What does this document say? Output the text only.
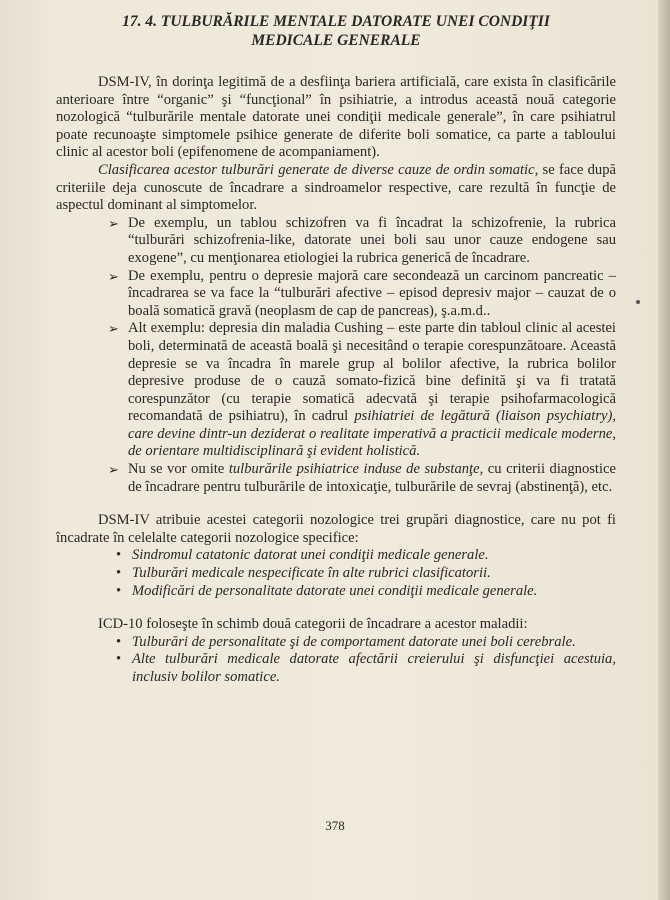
17. 4. TULBURĂRILE MENTALE DATORATE UNEI CONDIŢII
MEDICALE GENERALE

DSM-IV, în dorinţa legitimă de a desfiinţa bariera artificială, care exista în clasificările anterioare între “organic” şi “funcţional” în psihiatrie, a introdus această nouă categorie nozologică “tulburările mentale datorate unei condiţii medicale generale”, în care psihiatrul poate recunoaşte simptomele psihice generate de diferite boli somatice, ca parte a tabloului clinic al acestor boli (epifenomene de acompaniament).

Clasificarea acestor tulburări generate de diverse cauze de ordin somatic, se face după criteriile deja cunoscute de încadrare a sindroamelor respective, care rezultă în funcţie de aspectul dominant al simptomelor.

➢ De exemplu, un tablou schizofren va fi încadrat la schizofrenie, la rubrica “tulburări schizofrenia-like, datorate unei boli sau unor cauze endogene sau exogene”, cu menţionarea etiologiei la rubrica generică de încadrare.
➢ De exemplu, pentru o depresie majoră care secondează un carcinom pancreatic – încadrarea se va face la “tulburări afective – episod depresiv major – cauzat de o boală somatică gravă (neoplasm de cap de pancreas), ş.a.m.d..
➢ Alt exemplu: depresia din maladia Cushing – este parte din tabloul clinic al acestei boli, determinată de această boală şi necesitând o terapie corespunzătoare. Această depresie se va încadra în marele grup al bolilor afective, la rubrica bolilor depresive produse de o cauză somato-fizică bine definită şi va fi tratată corespunzător (cu terapie somatică adecvată şi terapie psihofarmacologică recomandată de psihiatru), în cadrul psihiatriei de legătură (liaison psychiatry), care devine dintr-un deziderat o realitate imperativă a practicii medicale moderne, de orientare multidisciplinară şi evident holistică.
➢ Nu se vor omite tulburările psihiatrice induse de substanţe, cu criterii diagnostice de încadrare pentru tulburările de intoxicaţie, tulburările de sevraj (abstinenţă), etc.

DSM-IV atribuie acestei categorii nozologice trei grupări diagnostice, care nu pot fi încadrate în celelalte categorii nozologice specifice:

• Sindromul catatonic datorat unei condiţii medicale generale.
• Tulburări medicale nespecificate în alte rubrici clasificatorii.
• Modificări de personalitate datorate unei condiţii medicale generale.

ICD-10 foloseşte în schimb două categorii de încadrare a acestor maladii:

• Tulburări de personalitate şi de comportament datorate unei boli cerebrale.
• Alte tulburări medicale datorate afectării creierului şi disfuncţiei acestuia, inclusiv bolilor somatice.
378
